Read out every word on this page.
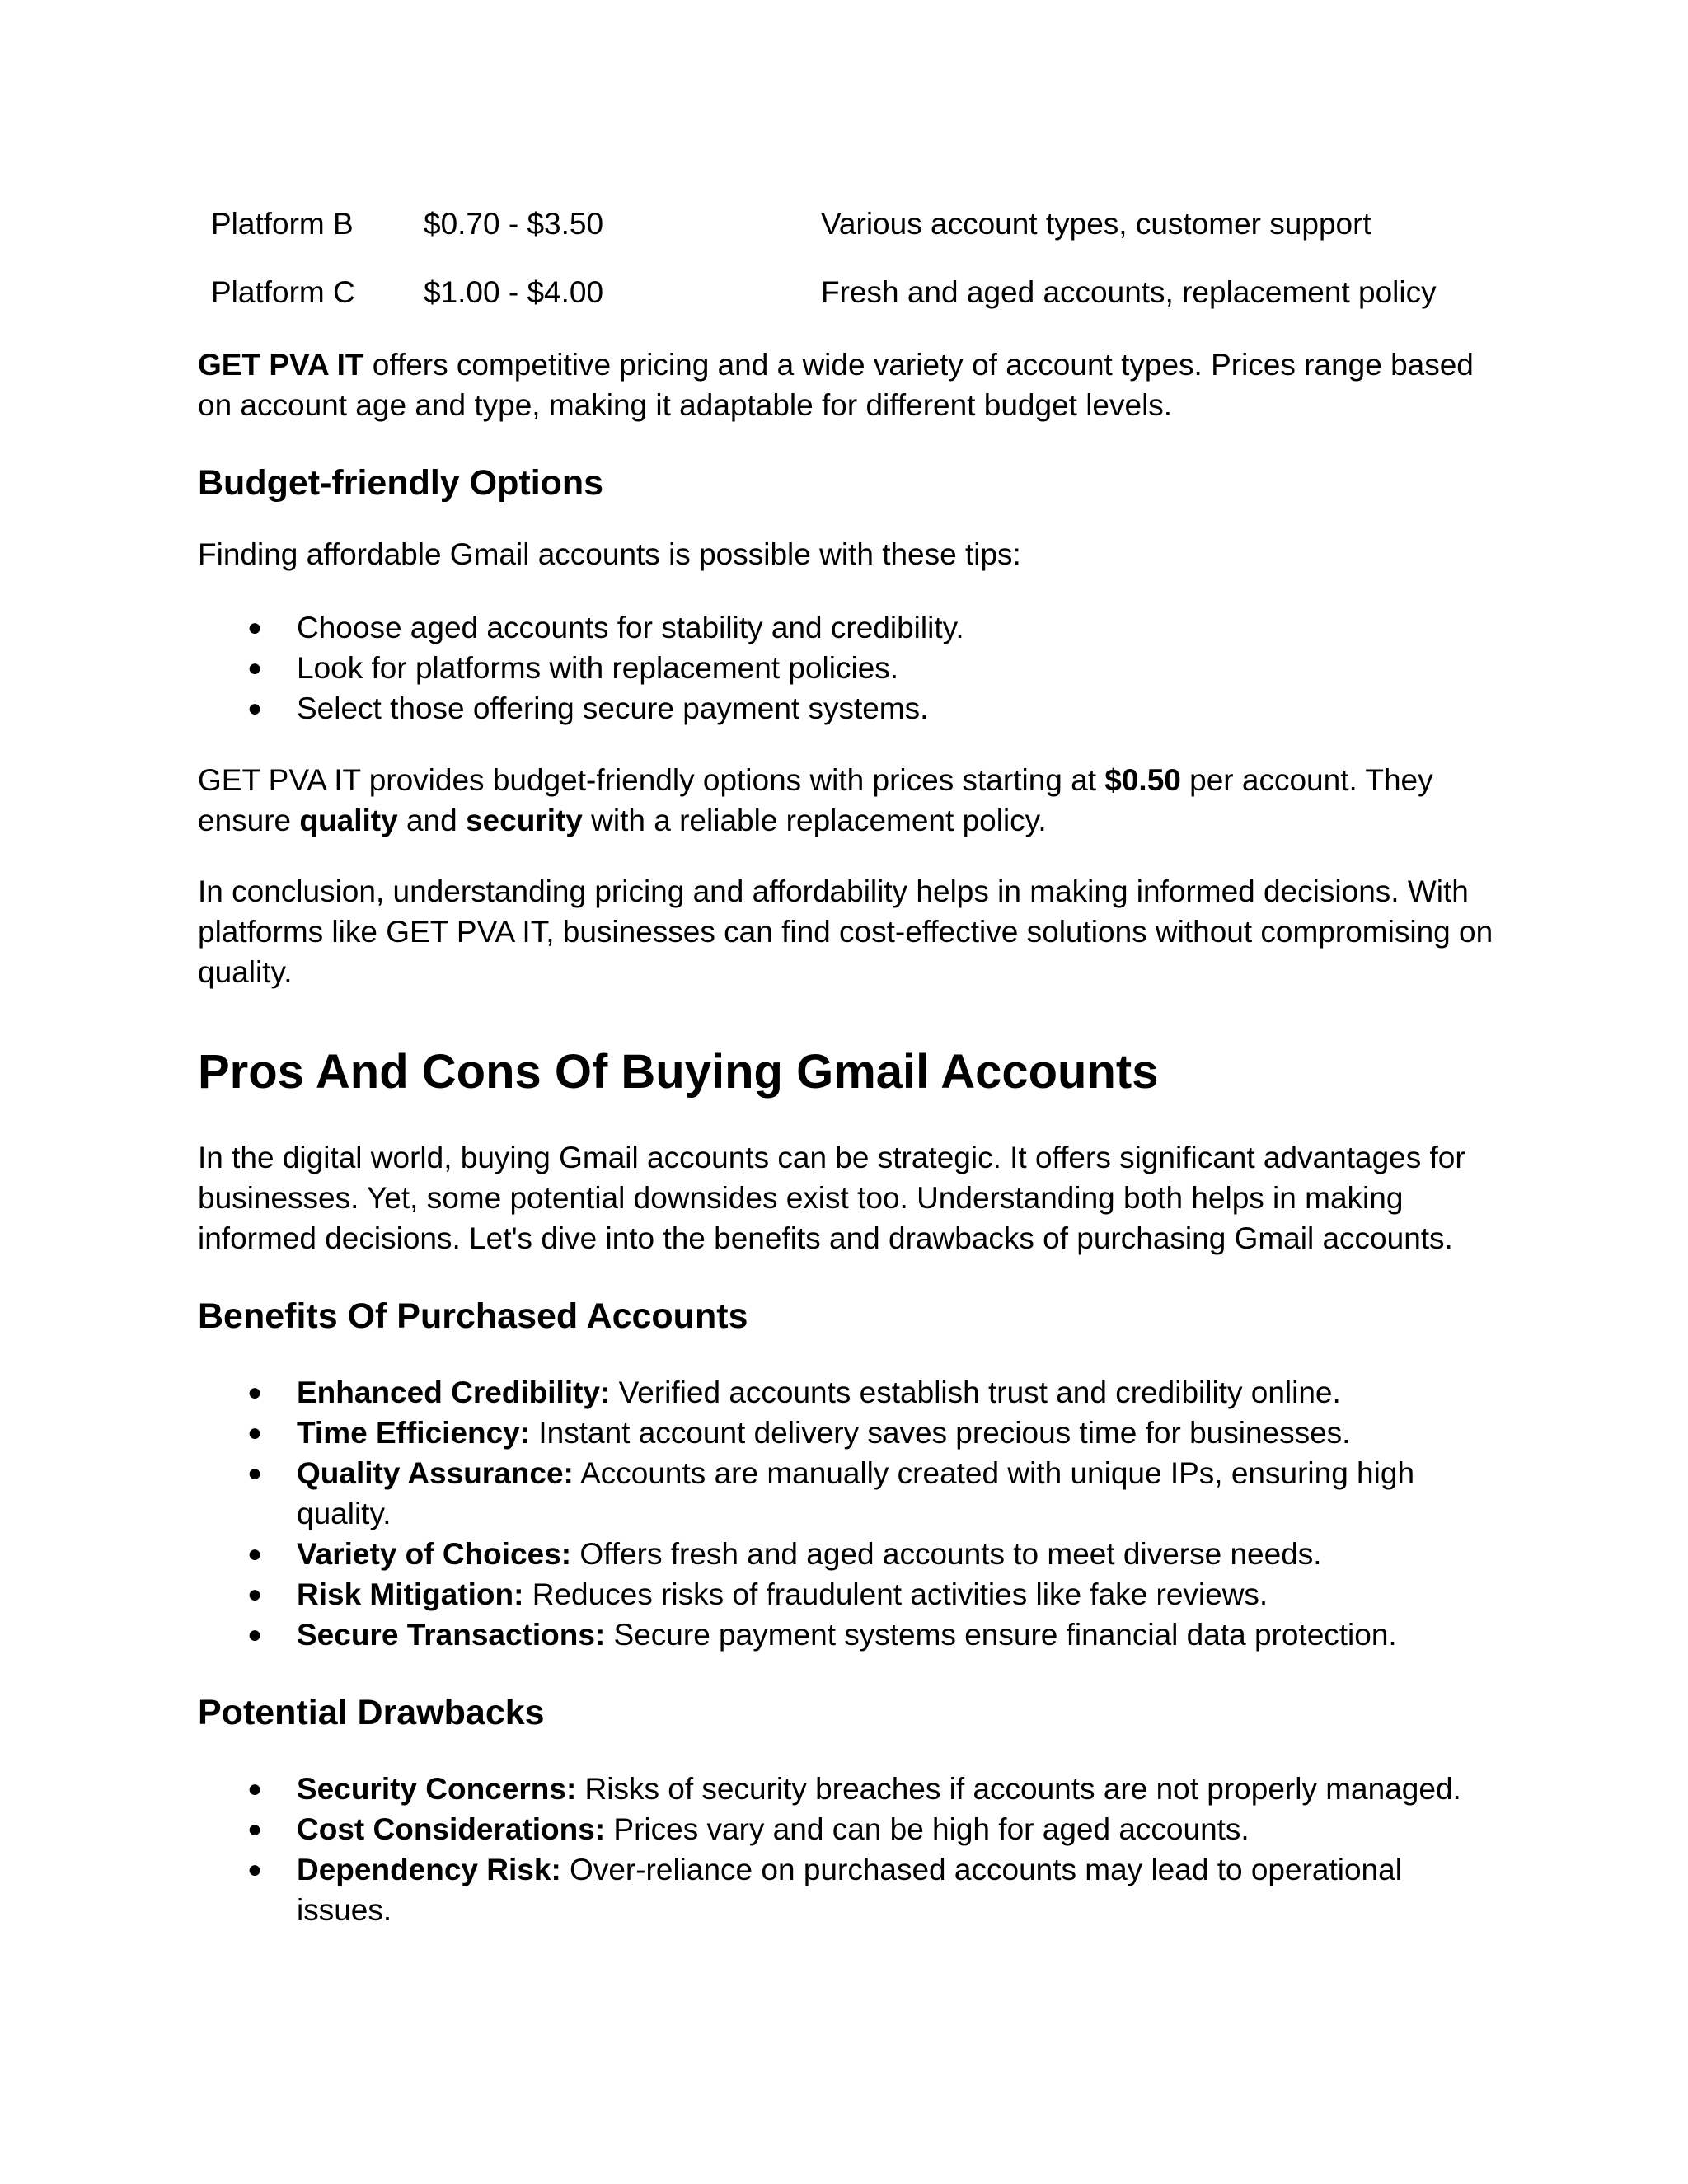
Platform B	$0.70 - $3.50	Various account types, customer support
Platform C	$1.00 - $4.00	Fresh and aged accounts, replacement policy

GET PVA IT offers competitive pricing and a wide variety of account types. Prices range based on account age and type, making it adaptable for different budget levels.

Budget-friendly Options

Finding affordable Gmail accounts is possible with these tips:

● Choose aged accounts for stability and credibility.
● Look for platforms with replacement policies.
● Select those offering secure payment systems.

GET PVA IT provides budget-friendly options with prices starting at $0.50 per account. They ensure quality and security with a reliable replacement policy.

In conclusion, understanding pricing and affordability helps in making informed decisions. With platforms like GET PVA IT, businesses can find cost-effective solutions without compromising on quality.

Pros And Cons Of Buying Gmail Accounts

In the digital world, buying Gmail accounts can be strategic. It offers significant advantages for businesses. Yet, some potential downsides exist too. Understanding both helps in making informed decisions. Let's dive into the benefits and drawbacks of purchasing Gmail accounts.

Benefits Of Purchased Accounts
● Enhanced Credibility: Verified accounts establish trust and credibility online.
● Time Efficiency: Instant account delivery saves precious time for businesses.
● Quality Assurance: Accounts are manually created with unique IPs, ensuring high quality.
● Variety of Choices: Offers fresh and aged accounts to meet diverse needs.
● Risk Mitigation: Reduces risks of fraudulent activities like fake reviews.
● Secure Transactions: Secure payment systems ensure financial data protection.
Potential Drawbacks
● Security Concerns: Risks of security breaches if accounts are not properly managed.
● Cost Considerations: Prices vary and can be high for aged accounts.
● Dependency Risk: Over-reliance on purchased accounts may lead to operational issues.
